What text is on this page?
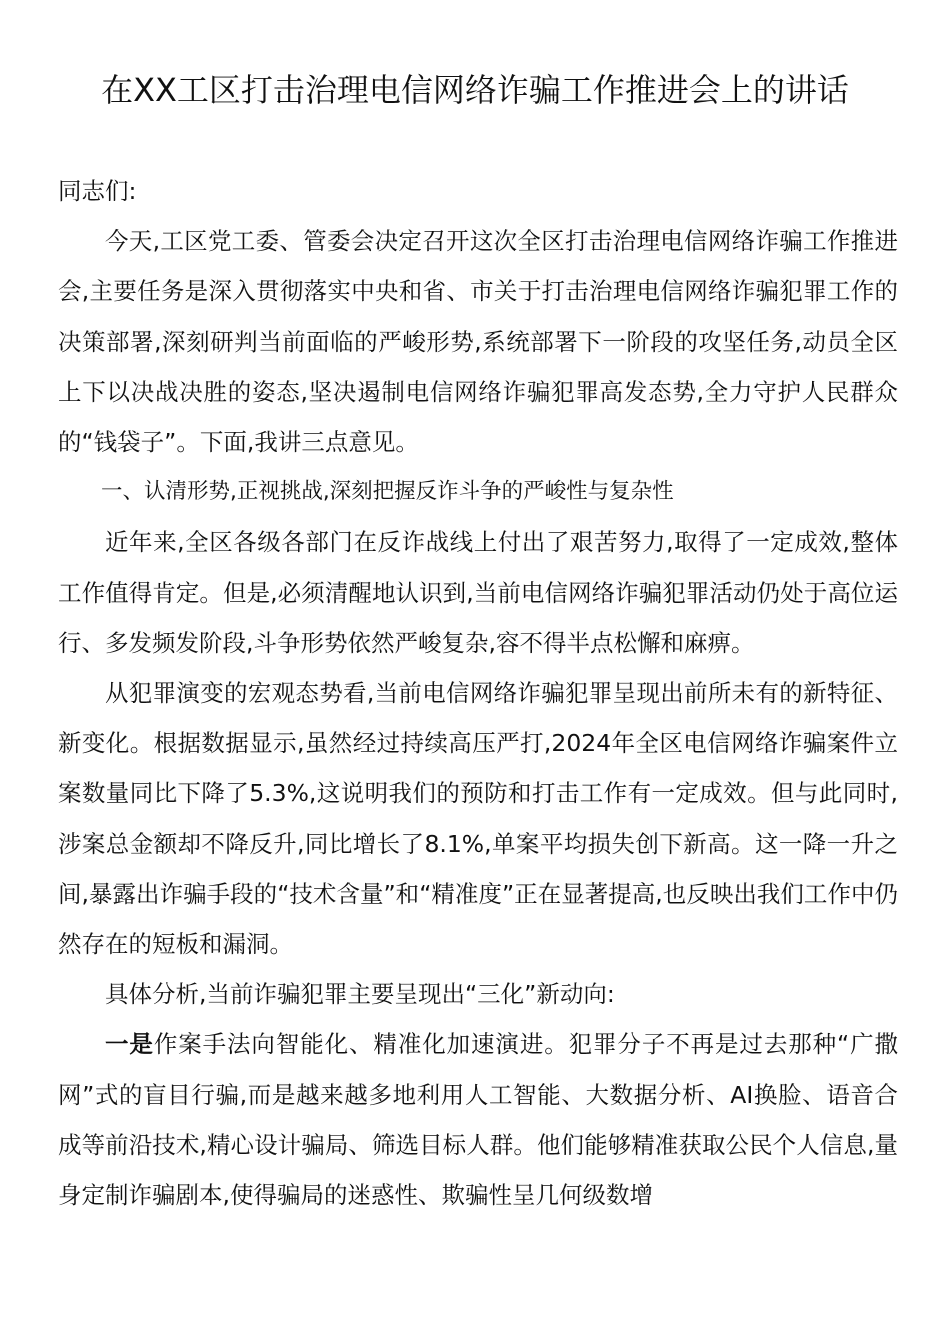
在XX工区打击治理电信网络诈骗工作推进会上的讲话

同志们:

今天,工区党工委、管委会决定召开这次全区打击治理电信网络诈骗工作推进会,主要任务是深入贯彻落实中央和省、市关于打击治理电信网络诈骗犯罪工作的决策部署,深刻研判当前面临的严峻形势,系统部署下一阶段的攻坚任务,动员全区上下以决战决胜的姿态,坚决遏制电信网络诈骗犯罪高发态势,全力守护人民群众的“钱袋子”。下面,我讲三点意见。

一、认清形势,正视挑战,深刻把握反诈斗争的严峻性与复杂性

近年来,全区各级各部门在反诈战线上付出了艰苦努力,取得了一定成效,整体工作值得肯定。但是,必须清醒地认识到,当前电信网络诈骗犯罪活动仍处于高位运行、多发频发阶段,斗争形势依然严峻复杂,容不得半点松懈和麻痹。

从犯罪演变的宏观态势看,当前电信网络诈骗犯罪呈现出前所未有的新特征、新变化。根据数据显示,虽然经过持续高压严打,2024年全区电信网络诈骗案件立案数量同比下降了5.3%,这说明我们的预防和打击工作有一定成效。但与此同时,涉案总金额却不降反升,同比增长了8.1%,单案平均损失创下新高。这一降一升之间,暴露出诈骗手段的“技术含量”和“精准度”正在显著提高,也反映出我们工作中仍然存在的短板和漏洞。

具体分析,当前诈骗犯罪主要呈现出“三化”新动向:

一是作案手法向智能化、精准化加速演进。犯罪分子不再是过去那种“广撒网”式的盲目行骗,而是越来越多地利用人工智能、大数据分析、AI换脸、语音合成等前沿技术,精心设计骗局、筛选目标人群。他们能够精准获取公民个人信息,量身定制诈骗剧本,使得骗局的迷惑性、欺骗性呈几何级数增
